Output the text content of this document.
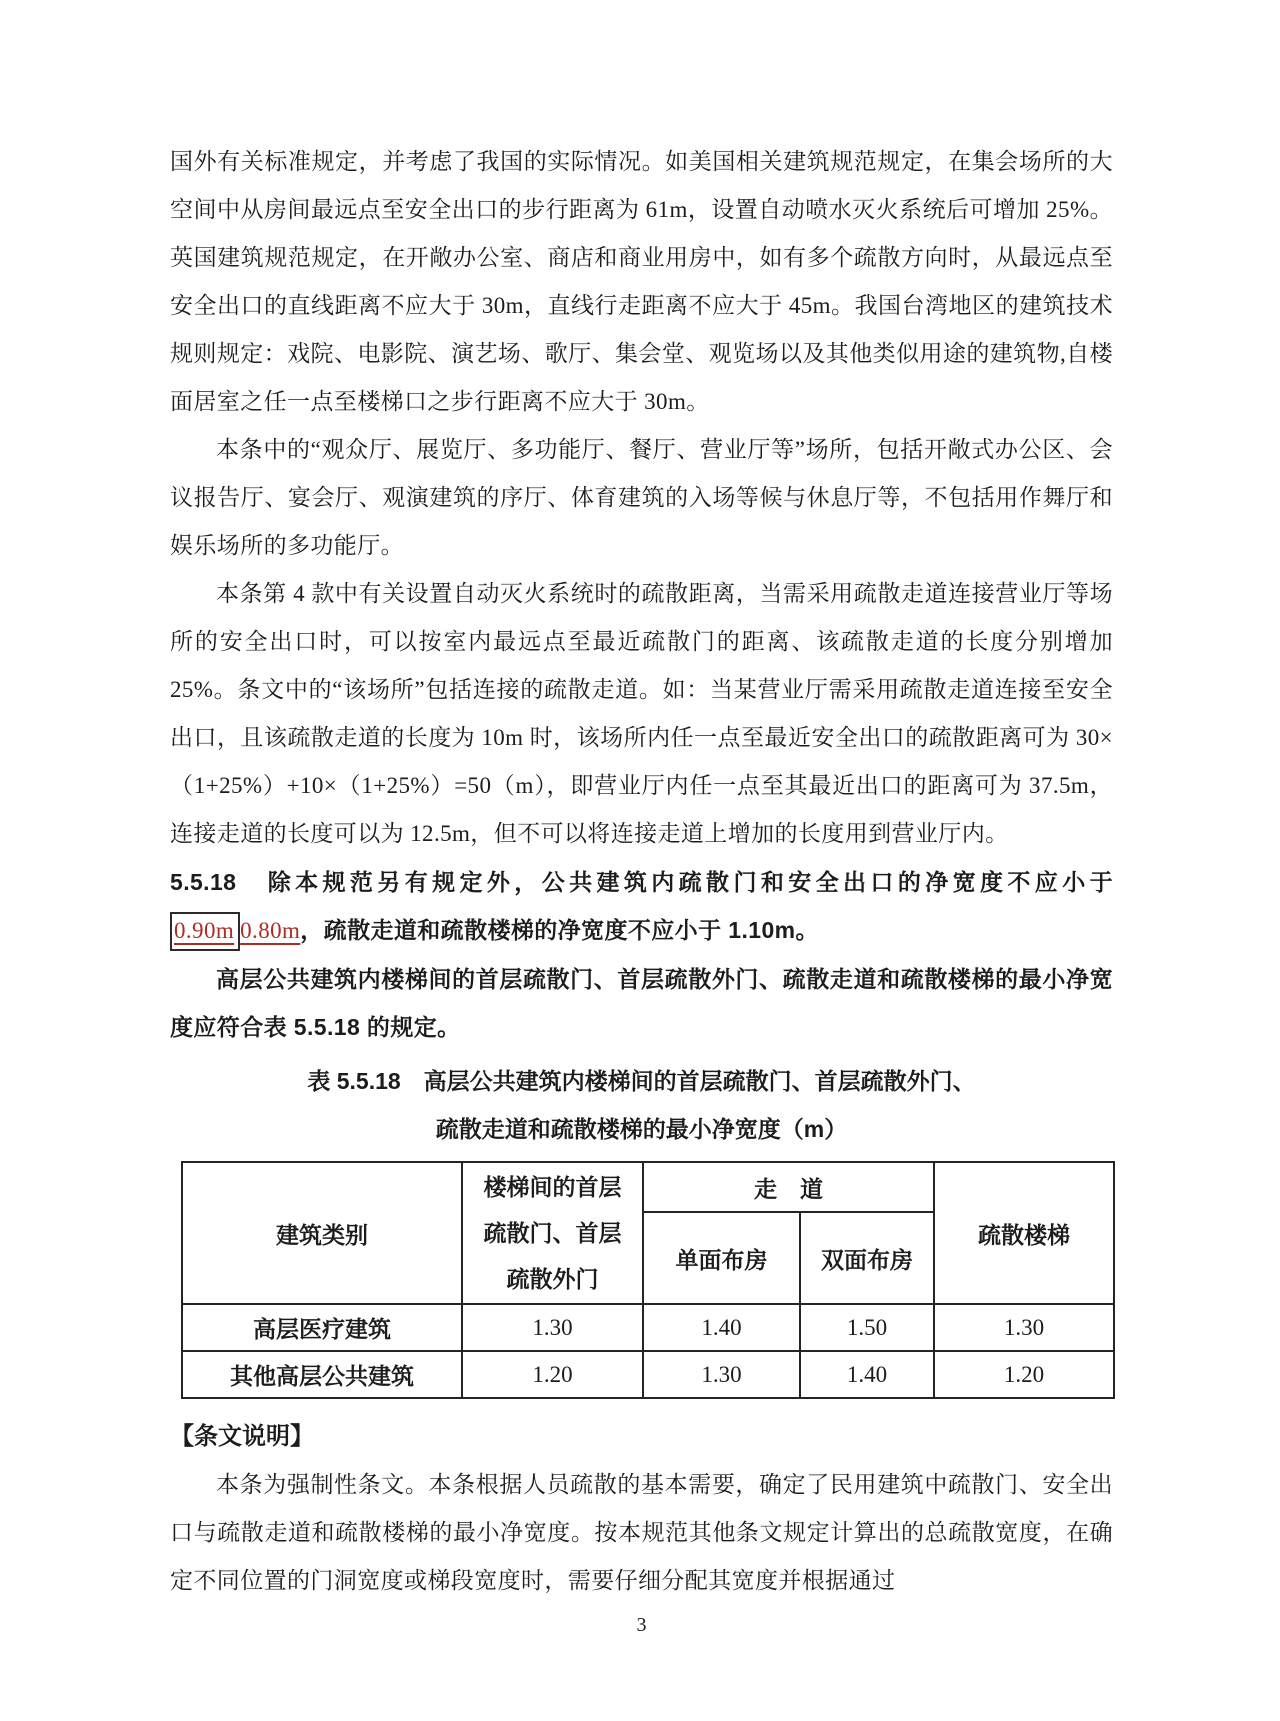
国外有关标准规定，并考虑了我国的实际情况。如美国相关建筑规范规定，在集会场所的大空间中从房间最远点至安全出口的步行距离为 61m，设置自动喷水灭火系统后可增加 25%。英国建筑规范规定，在开敞办公室、商店和商业用房中，如有多个疏散方向时，从最远点至安全出口的直线距离不应大于 30m，直线行走距离不应大于 45m。我国台湾地区的建筑技术规则规定：戏院、电影院、演艺场、歌厅、集会堂、观览场以及其他类似用途的建筑物,自楼面居室之任一点至楼梯口之步行距离不应大于 30m。

本条中的“观众厅、展览厅、多功能厅、餐厅、营业厅等”场所，包括开敞式办公区、会议报告厅、宴会厅、观演建筑的序厅、体育建筑的入场等候与休息厅等，不包括用作舞厅和娱乐场所的多功能厅。

本条第 4 款中有关设置自动灭火系统时的疏散距离，当需采用疏散走道连接营业厅等场所的安全出口时，可以按室内最远点至最近疏散门的距离、该疏散走道的长度分别增加 25%。条文中的“该场所”包括连接的疏散走道。如：当某营业厅需采用疏散走道连接至安全出口，且该疏散走道的长度为 10m 时，该场所内任一点至最近安全出口的疏散距离可为 30×（1+25%）+10×（1+25%）=50（m），即营业厅内任一点至其最近出口的距离可为 37.5m，连接走道的长度可以为 12.5m，但不可以将连接走道上增加的长度用到营业厅内。

5.5.18　除本规范另有规定外，公共建筑内疏散门和安全出口的净宽度不应小于

0.90m 0.80m，疏散走道和疏散楼梯的净宽度不应小于 1.10m。

高层公共建筑内楼梯间的首层疏散门、首层疏散外门、疏散走道和疏散楼梯的最小净宽度应符合表 5.5.18 的规定。

表 5.5.18　高层公共建筑内楼梯间的首层疏散门、首层疏散外门、

疏散走道和疏散楼梯的最小净宽度（m）

建筑类别	楼梯间的首层
疏散门、首层
疏散外门	走　道		疏散楼梯
		单面布房	双面布房	
高层医疗建筑	1.30	1.40	1.50	1.30
其他高层公共建筑	1.20	1.30	1.40	1.20

【条文说明】

本条为强制性条文。本条根据人员疏散的基本需要，确定了民用建筑中疏散门、安全出口与疏散走道和疏散楼梯的最小净宽度。按本规范其他条文规定计算出的总疏散宽度，在确定不同位置的门洞宽度或梯段宽度时，需要仔细分配其宽度并根据通过

3
